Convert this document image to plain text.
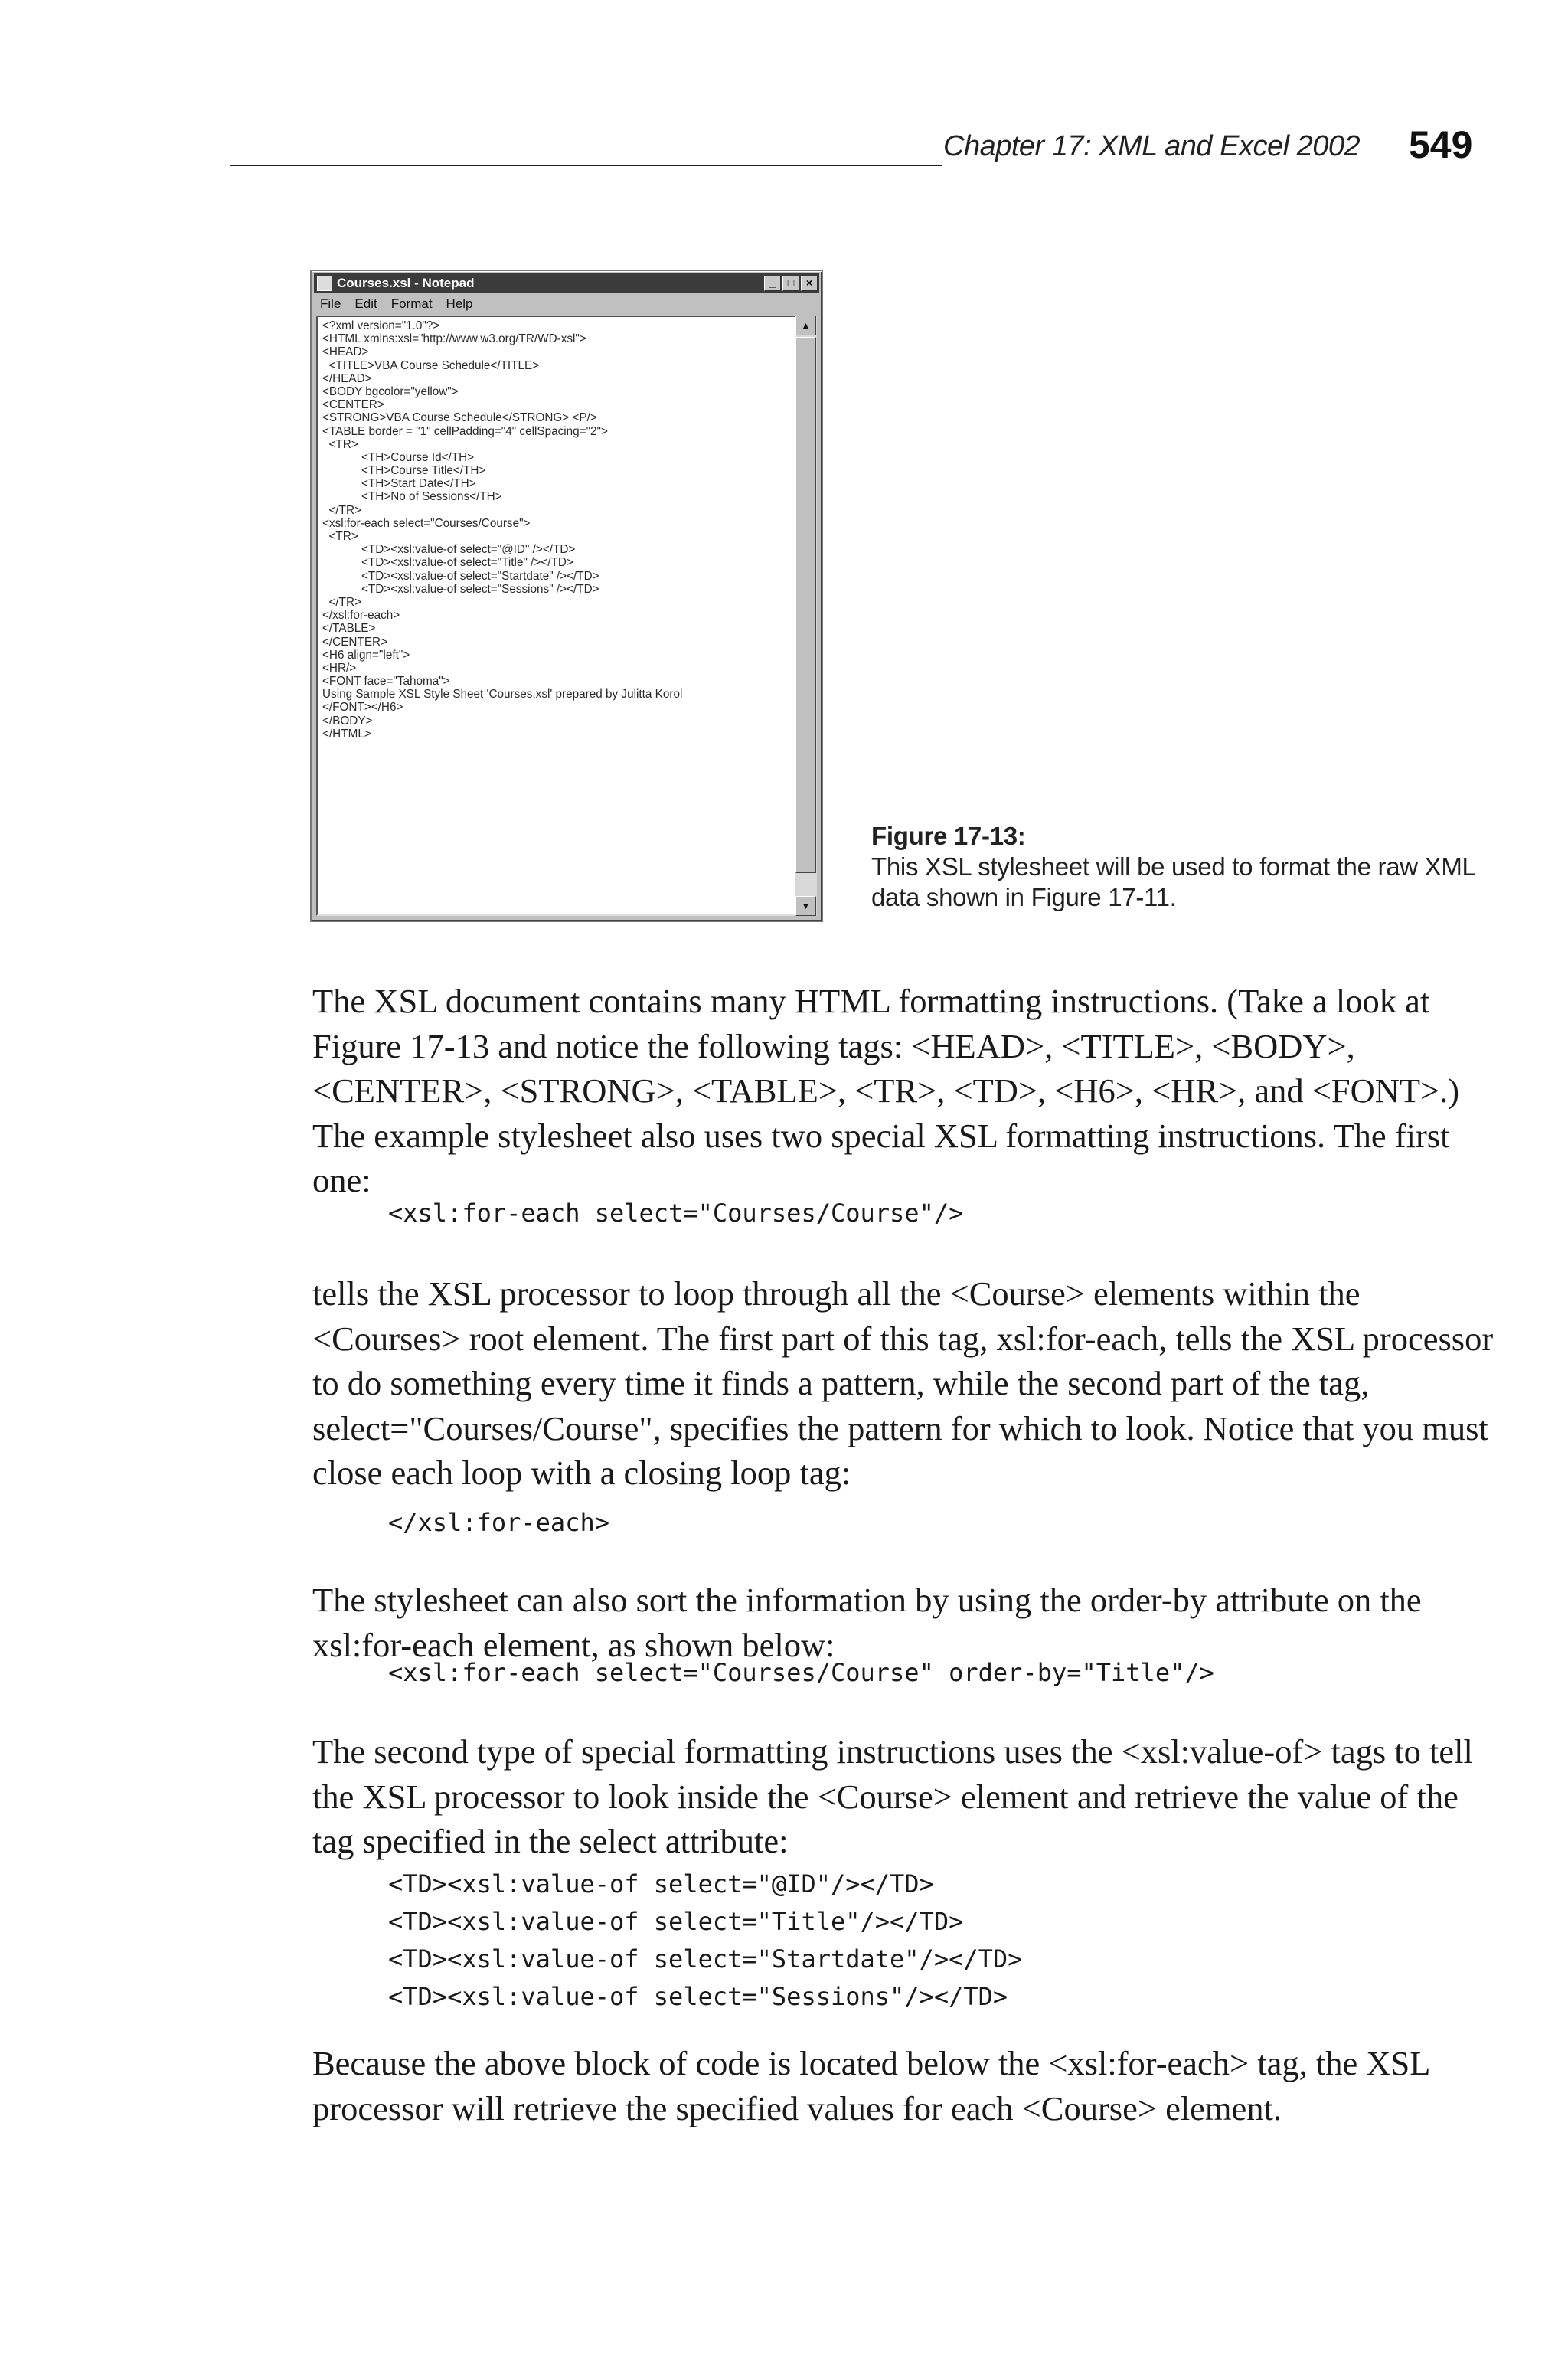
Chapter 17: XML and Excel 2002 549
Courses.xsl - Notepad	_	□	×
File Edit Format Help
<?xml version="1.0"?>
<HTML xmlns:xsl="http://www.w3.org/TR/WD-xsl">
<HEAD>
<TITLE>VBA Course Schedule</TITLE>
</HEAD>
<BODY bgcolor="yellow">
<CENTER>
<STRONG>VBA Course Schedule</STRONG> <P/>
<TABLE border = "1" cellPadding="4" cellSpacing="2">
<TR>
<TH>Course Id</TH>
<TH>Course Title</TH>
<TH>Start Date</TH>
<TH>No of Sessions</TH>
</TR>
<xsl:for-each select="Courses/Course">
<TR>
<TD><xsl:value-of select="@ID" /></TD>
<TD><xsl:value-of select="Title" /></TD>
<TD><xsl:value-of select="Startdate" /></TD>
<TD><xsl:value-of select="Sessions" /></TD>
</TR>
</xsl:for-each>
</TABLE>
</CENTER>
<H6 align="left">
<HR/>
<FONT face="Tahoma">
Using Sample XSL Style Sheet 'Courses.xsl' prepared by Julitta Korol
</FONT></H6>
</BODY>
</HTML>
▲
▼
Figure 17-13:
This XSL stylesheet will be used to format the raw XML data shown in Figure 17-11.
The XSL document contains many HTML formatting instructions. (Take a look at Figure 17-13 and notice the following tags: <HEAD>, <TITLE>, <BODY>, <CENTER>, <STRONG>, <TABLE>, <TR>, <TD>, <H6>, <HR>, and <FONT>.) The example stylesheet also uses two special XSL formatting instructions. The first one:
<xsl:for-each select="Courses/Course"/>
tells the XSL processor to loop through all the <Course> elements within the <Courses> root element. The first part of this tag, xsl:for-each, tells the XSL processor to do something every time it finds a pattern, while the second part of the tag, select="Courses/Course", specifies the pattern for which to look. Notice that you must close each loop with a closing loop tag:
</xsl:for-each>
The stylesheet can also sort the information by using the order-by attribute on the xsl:for-each element, as shown below:
<xsl:for-each select="Courses/Course" order-by="Title"/>
The second type of special formatting instructions uses the <xsl:value-of> tags to tell the XSL processor to look inside the <Course> element and retrieve the value of the tag specified in the select attribute:
<TD><xsl:value-of select="@ID"/></TD>
<TD><xsl:value-of select="Title"/></TD>
<TD><xsl:value-of select="Startdate"/></TD>
<TD><xsl:value-of select="Sessions"/></TD>
Because the above block of code is located below the <xsl:for-each> tag, the XSL processor will retrieve the specified values for each <Course> element.
